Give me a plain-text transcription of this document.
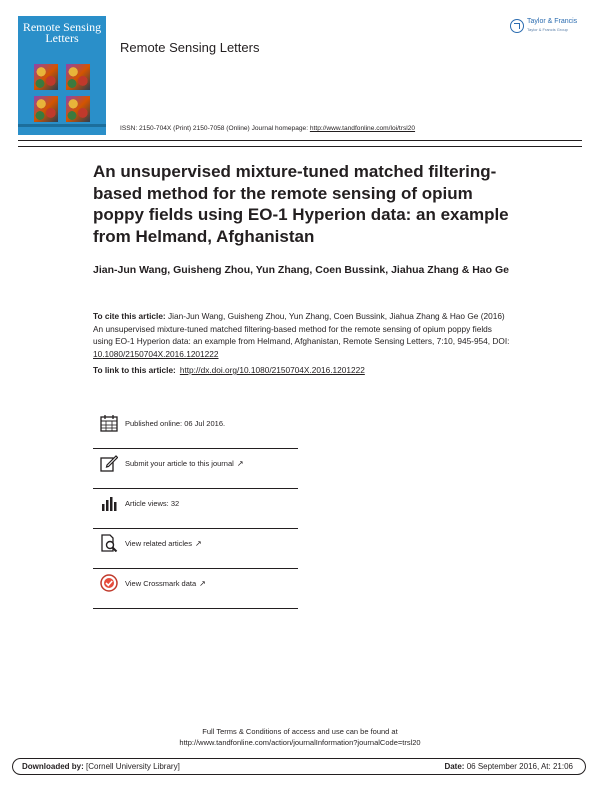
Remote Sensing
Letters
Remote Sensing Letters
Taylor & Francis
Taylor & Francis Group
ISSN: 2150-704X (Print) 2150-7058 (Online) Journal homepage: http://www.tandfonline.com/loi/trsl20
An unsupervised mixture-tuned matched filtering-based method for the remote sensing of opium poppy fields using EO-1 Hyperion data: an example from Helmand, Afghanistan
Jian-Jun Wang, Guisheng Zhou, Yun Zhang, Coen Bussink, Jiahua Zhang & Hao Ge
To cite this article: Jian-Jun Wang, Guisheng Zhou, Yun Zhang, Coen Bussink, Jiahua Zhang & Hao Ge (2016) An unsupervised mixture-tuned matched filtering-based method for the remote sensing of opium poppy fields using EO-1 Hyperion data: an example from Helmand, Afghanistan, Remote Sensing Letters, 7:10, 945-954, DOI: 10.1080/2150704X.2016.1201222
To link to this article: http://dx.doi.org/10.1080/2150704X.2016.1201222
Published online: 06 Jul 2016.
Submit your article to this journal ↗
Article views: 32
View related articles ↗
View Crossmark data ↗
Full Terms & Conditions of access and use can be found at
http://www.tandfonline.com/action/journalInformation?journalCode=trsl20
Downloaded by: [Cornell University Library]	Date: 06 September 2016, At: 21:06
